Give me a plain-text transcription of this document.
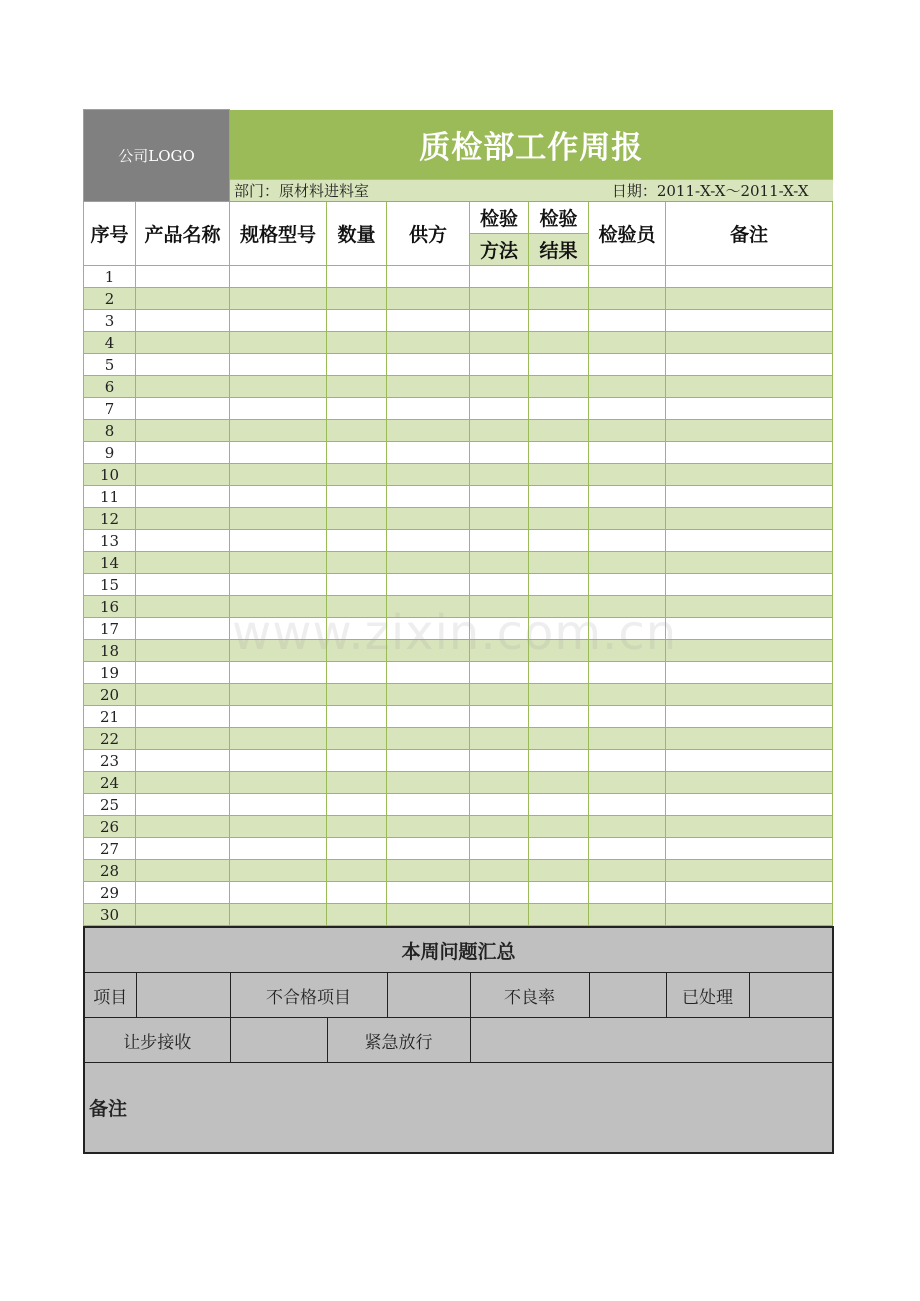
公司LOGO		质检部工作周报						
		部门：原材料进料室					日期：2011-X-X～2011-X-X	
序号	产品名称	规格型号	数量	供方	检验	检验	检验员	备注
					方法	结果		
1								
2								
3								
4								
5								
6								
7								
8								
9								
10								
11								
12								
13								
14								
15								
16								
17								
18								
19								
20								
21								
22								
23								
24								
25								
26								
27								
28								
29								
30								
本周问题汇总								
项目		不合格项目			不良率		已处理	
让步接收			紧急放行					
备注								
